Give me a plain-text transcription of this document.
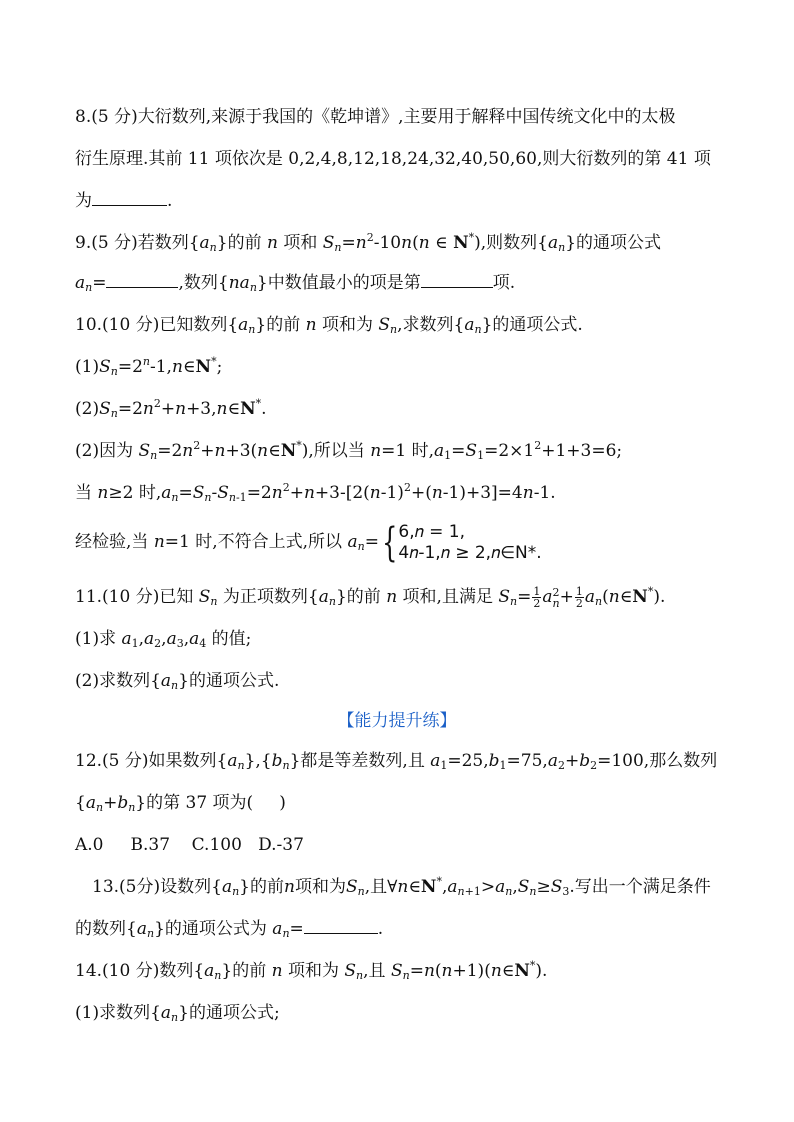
8.(5 分)大衍数列,来源于我国的《乾坤谱》,主要用于解释中国传统文化中的太极
衍生原理.其前 11 项依次是 0,2,4,8,12,18,24,32,40,50,60,则大衍数列的第 41 项
为	.
9.(5 分)若数列$\{a_n\}$的前 n 项和 $S_n=n^2-10n(n$ ∈ N*),则数列$\{a_n\}$的通项公式
$a_n=$	,数列$\{na_n\}$中数值最小的项是第	项.
10.(10 分)已知数列$\{a_n\}$的前 n 项和为 $S_n$,求数列$\{a_n\}$的通项公式.
$(1)S_n=2^n-1,n\in N^*$;
$(2)S_n=2n^2+n+3,n\in N^*$.
(2)因为 $S_n=2n^2+n+3(n\in N^*)$,所以当 n=1 时$,a_1=S_1=2\times 1^2+1+3=6$;
当 n≥2 时$,a_n=S_n-S_{n-1}=2n^2+n+3-[2(n-1)^2+(n-1)+3]=4n-1$.
经检验,当 n=1 时,不符合上式,所以 $a_n=${ 6,𝑛 = 1,
4𝑛-1,𝑛 ≥ 2,𝑛∈N*.
11.(10 分)已知 $S_n$ 为正项数列$\{a_n\}$的前 n 项和,且满足 $S_n= \frac{1}{2}$ a 2
$n + \frac{1}{2}$ $a_n(n\in N^*)$.
(1)求 $a_1,a_2,a_3,a_4$ 的值;
(2)求数列$\{a_n\}$的通项公式.
【能力提升练】
12.(5 分)如果数列$\{a_n\},\{b_n\}$都是等差数列,且 $a_1=25,b_1=75,a_2+b_2=100$,那么数列
$\{a_n+b_n\}$的第 37 项为( )
A.0     B.37    C.100   D.-37
13.(5分)设数列$\{a_n\}$的前n项和为$S_n$,且$\forall n\in N^*,a_{n+1}>a_n,S_n\ge S_3$.写出一个满足条件
的数列$\{a_n\}$的通项公式为 $a_n=$	.
14.(10 分)数列$\{a_n\}$的前 n 项和为 $S_n$,且 $S_n=n(n+1)(n\in N^*)$.
(1)求数列$\{a_n\}$的通项公式;
